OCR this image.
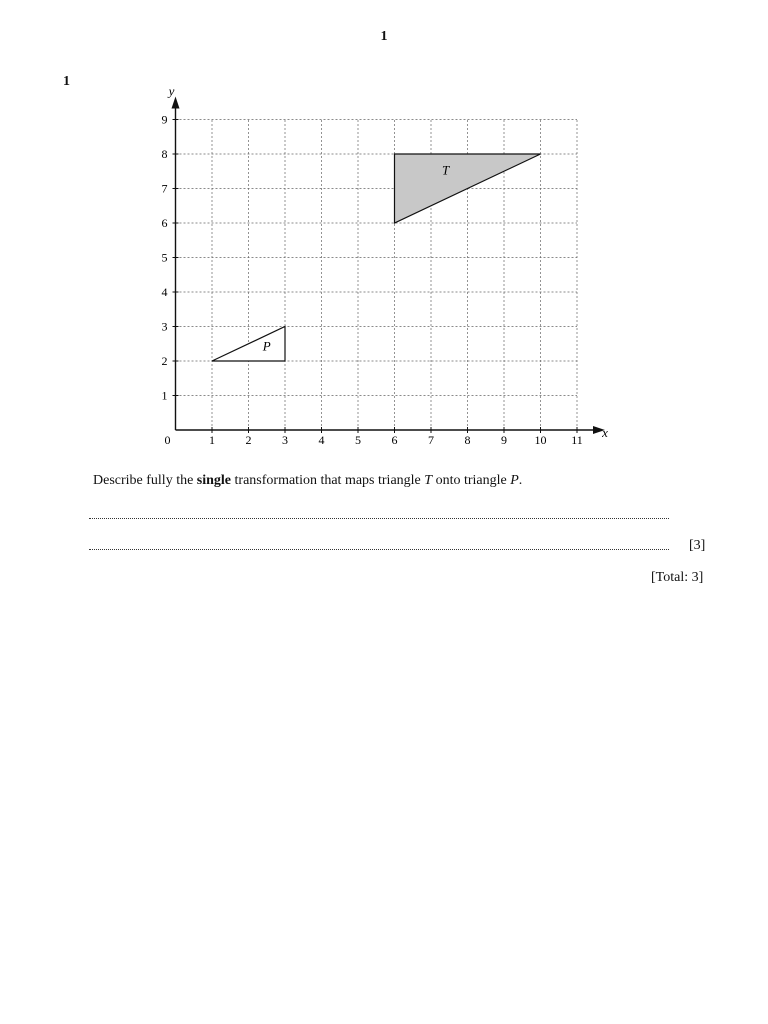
1
1
T
P
1	2	3	4	5	6	7	8	9 10 11
1
2
3
4
5
6
7
8
9
0	x
y
Describe fully the single transformation that maps triangle T onto triangle P.
[3]
[Total: 3]
